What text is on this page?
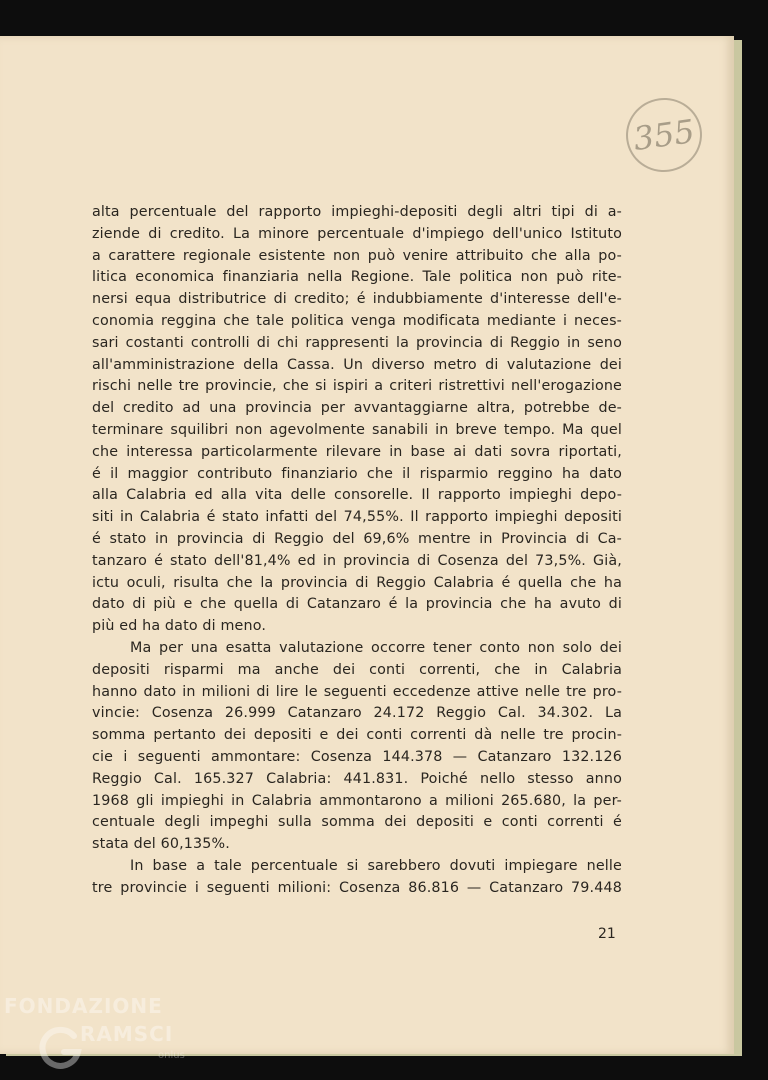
355
alta percentuale del rapporto impieghi-depositi degli altri tipi di a-
ziende di credito. La minore percentuale d'impiego dell'unico Istituto
a carattere regionale esistente non può venire attribuito che alla po-
litica economica finanziaria nella Regione. Tale politica non può rite-
nersi equa distributrice di credito; é indubbiamente d'interesse dell'e-
conomia reggina che tale politica venga modificata mediante i neces-
sari costanti controlli di chi rappresenti la provincia di Reggio in seno
all'amministrazione della Cassa. Un diverso metro di valutazione dei
rischi nelle tre provincie, che si ispiri a criteri ristrettivi nell'erogazione
del credito ad una provincia per avvantaggiarne altra, potrebbe de-
terminare squilibri non agevolmente sanabili in breve tempo. Ma quel
che interessa particolarmente rilevare in base ai dati sovra riportati,
é il maggior contributo finanziario che il risparmio reggino ha dato
alla Calabria ed alla vita delle consorelle. Il rapporto impieghi depo-
siti in Calabria é stato infatti del 74,55%. Il rapporto impieghi depositi
é stato in provincia di Reggio del 69,6% mentre in Provincia di Ca-
tanzaro é stato dell'81,4% ed in provincia di Cosenza del 73,5%. Già,
ictu oculi, risulta che la provincia di Reggio Calabria é quella che ha
dato di più e che quella di Catanzaro é la provincia che ha avuto di
più ed ha dato di meno.
Ma per una esatta valutazione occorre tener conto non solo dei
depositi risparmi ma anche dei conti correnti, che in Calabria
hanno dato in milioni di lire le seguenti eccedenze attive nelle tre pro-
vincie: Cosenza 26.999 Catanzaro 24.172 Reggio Cal. 34.302. La
somma pertanto dei depositi e dei conti correnti dà nelle tre procin-
cie i seguenti ammontare: Cosenza 144.378 — Catanzaro 132.126
Reggio Cal. 165.327 Calabria: 441.831. Poiché nello stesso anno
1968 gli impieghi in Calabria ammontarono a milioni 265.680, la per-
centuale degli impeghi sulla somma dei depositi e conti correnti é
stata del 60,135%.
In base a tale percentuale si sarebbero dovuti impiegare nelle
tre provincie i seguenti milioni: Cosenza 86.816 — Catanzaro 79.448
21
FONDAZIONE
RAMSCI
onlus
